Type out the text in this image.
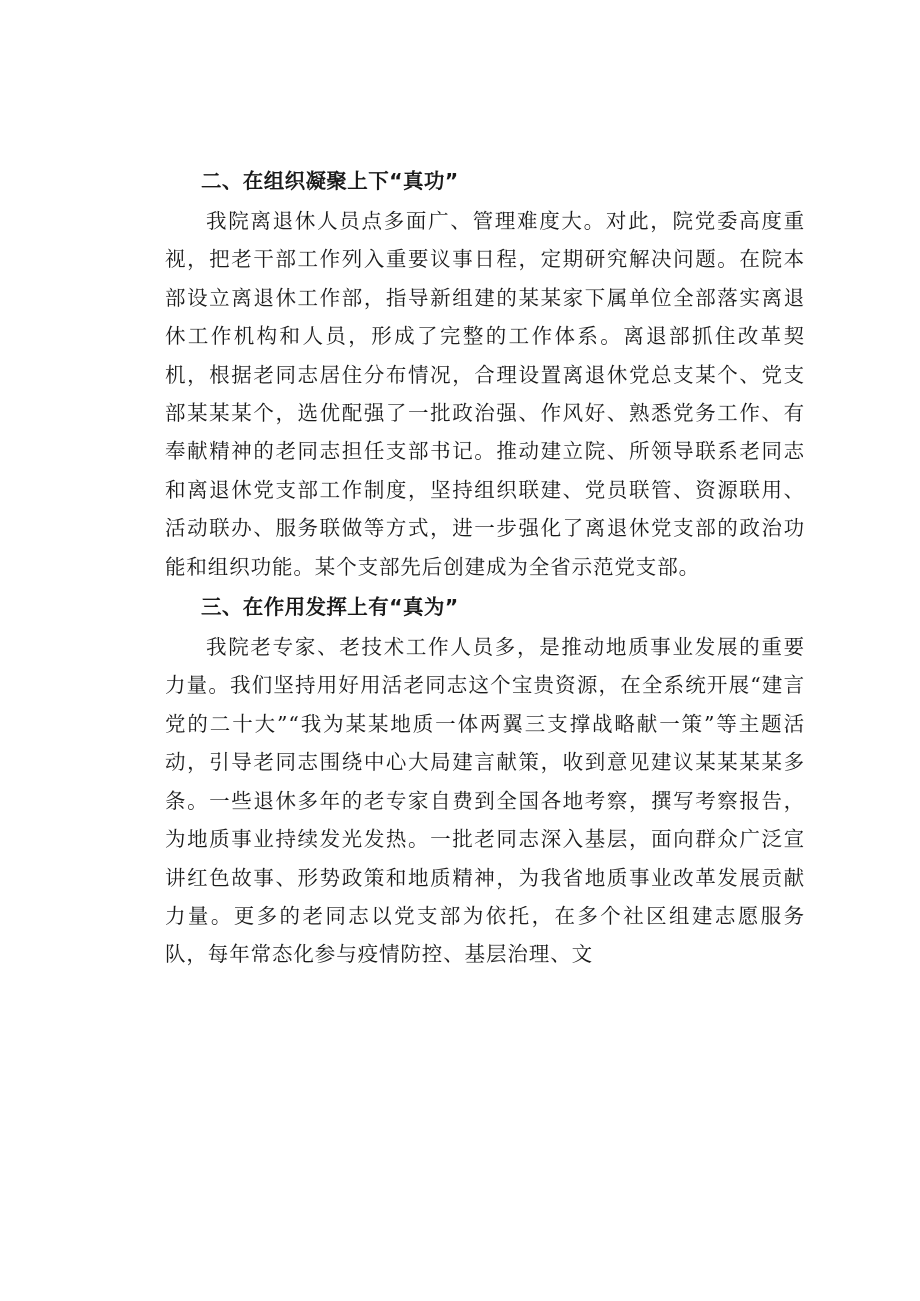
二、在组织凝聚上下“真功”

我院离退休人员点多面广、管理难度大。对此，院党委高度重视，把老干部工作列入重要议事日程，定期研究解决问题。在院本部设立离退休工作部，指导新组建的某某家下属单位全部落实离退休工作机构和人员，形成了完整的工作体系。离退部抓住改革契机，根据老同志居住分布情况，合理设置离退休党总支某个、党支部某某某个，选优配强了一批政治强、作风好、熟悉党务工作、有奉献精神的老同志担任支部书记。推动建立院、所领导联系老同志和离退休党支部工作制度，坚持组织联建、党员联管、资源联用、活动联办、服务联做等方式，进一步强化了离退休党支部的政治功能和组织功能。某个支部先后创建成为全省示范党支部。

三、在作用发挥上有“真为”

我院老专家、老技术工作人员多，是推动地质事业发展的重要力量。我们坚持用好用活老同志这个宝贵资源，在全系统开展“建言党的二十大”“我为某某地质一体两翼三支撑战略献一策”等主题活动，引导老同志围绕中心大局建言献策，收到意见建议某某某某多条。一些退休多年的老专家自费到全国各地考察，撰写考察报告，为地质事业持续发光发热。一批老同志深入基层，面向群众广泛宣讲红色故事、形势政策和地质精神，为我省地质事业改革发展贡献力量。更多的老同志以党支部为依托，在多个社区组建志愿服务队，每年常态化参与疫情防控、基层治理、文
